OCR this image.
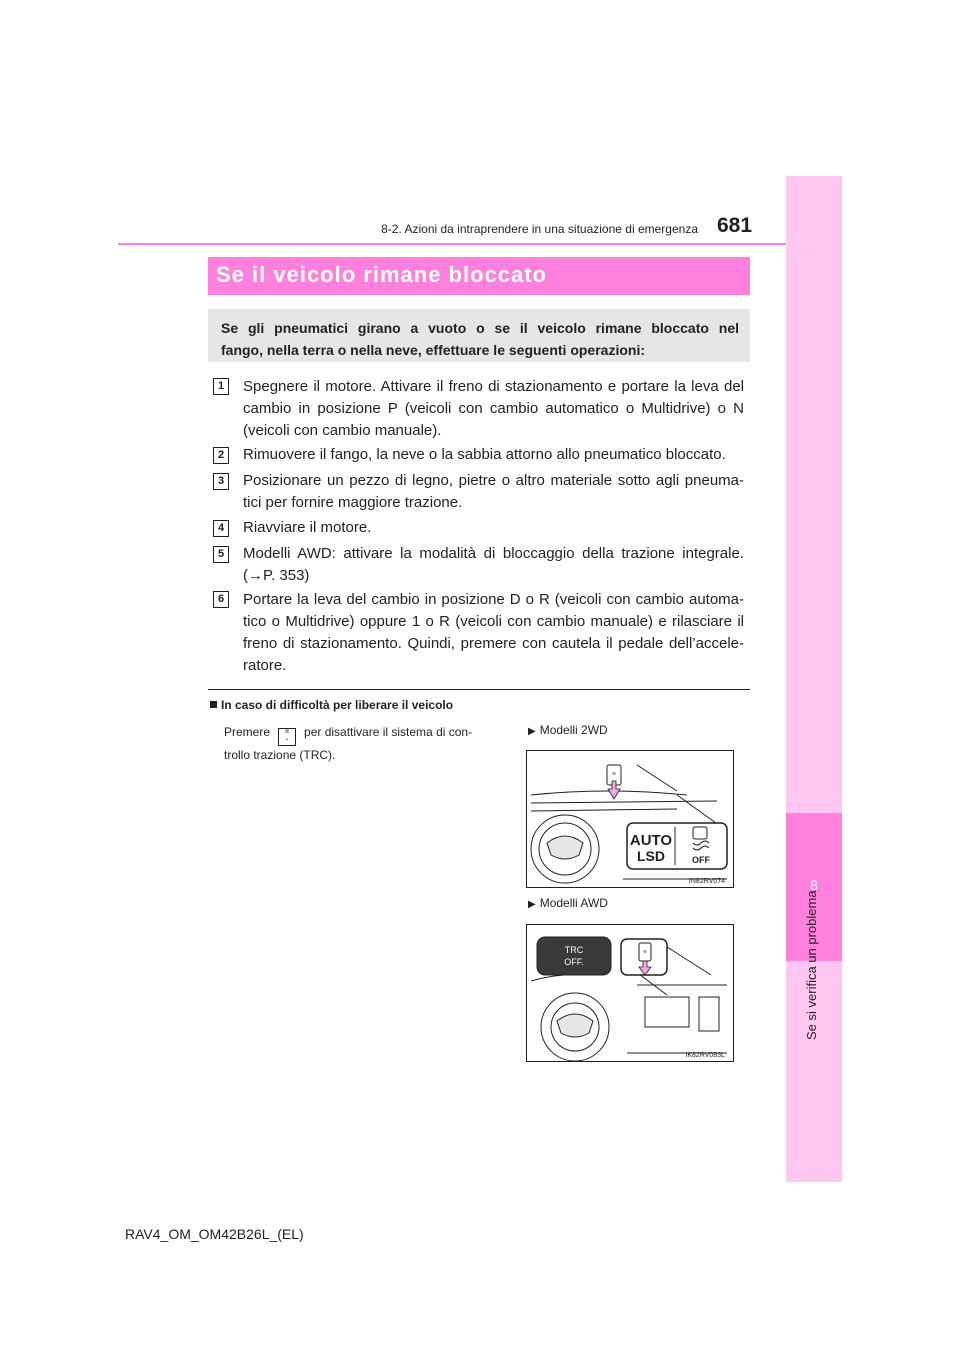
8
Se si verifica un problema
8-2. Azioni da intraprendere in una situazione di emergenza 681
Se il veicolo rimane bloccato

Se gli pneumatici girano a vuoto o se il veicolo rimane bloccato nel
fango, nella terra o nella neve, effettuare le seguenti operazioni:

1	Spegnere il motore. Attivare il freno di stazionamento e portare la leva del
cambio in posizione P (veicoli con cambio automatico o Multidrive) o N
(veicoli con cambio manuale).
2	Rimuovere il fango, la neve o la sabbia attorno allo pneumatico bloccato.
3	Posizionare un pezzo di legno, pietre o altro materiale sotto agli pneuma-
tici per fornire maggiore trazione.
4	Riavviare il motore.
5	Modelli AWD: attivare la modalità di bloccaggio della trazione integrale.
(→P. 353)
6	Portare la leva del cambio in posizione D o R (veicoli con cambio automa-
tico o Multidrive) oppure 1 o R (veicoli con cambio manuale) e rilasciare il
freno di stazionamento. Quindi, premere con cautela il pedale dell’accele-
ratore.
In caso di difficoltà per liberare il veicolo
Premere ≋
⌄ per disattivare il sistema di con-
trollo trazione (TRC).
▶ Modelli 2WD
≋
AUTO
LSD	OFF
IN82RV074
▶ Modelli AWD
TRC
OFF.
≋
IK82RV083L
RAV4_OM_OM42B26L_(EL)
